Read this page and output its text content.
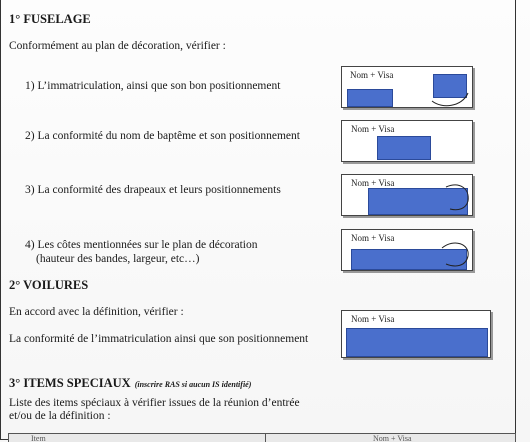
1° FUSELAGE
Conformément au plan de décoration, vérifier :
1) L’immatriculation, ainsi que son bon positionnement
2) La conformité du nom de baptême et son positionnement
3) La conformité des drapeaux et leurs positionnements
4) Les côtes mentionnées sur le plan de décoration
(hauteur des bandes, largeur, etc…)
Nom + Visa
Nom + Visa
Nom + Visa
Nom + Visa
2° VOILURES
En accord avec la définition, vérifier :
La conformité de l’immatriculation ainsi que son positionnement
Nom + Visa
3° ITEMS SPECIAUX (inscrire RAS si aucun IS identifié)
Liste des items spéciaux à vérifier issues de la réunion d’entrée
et/ou de la définition :
Item	Nom + Visa
